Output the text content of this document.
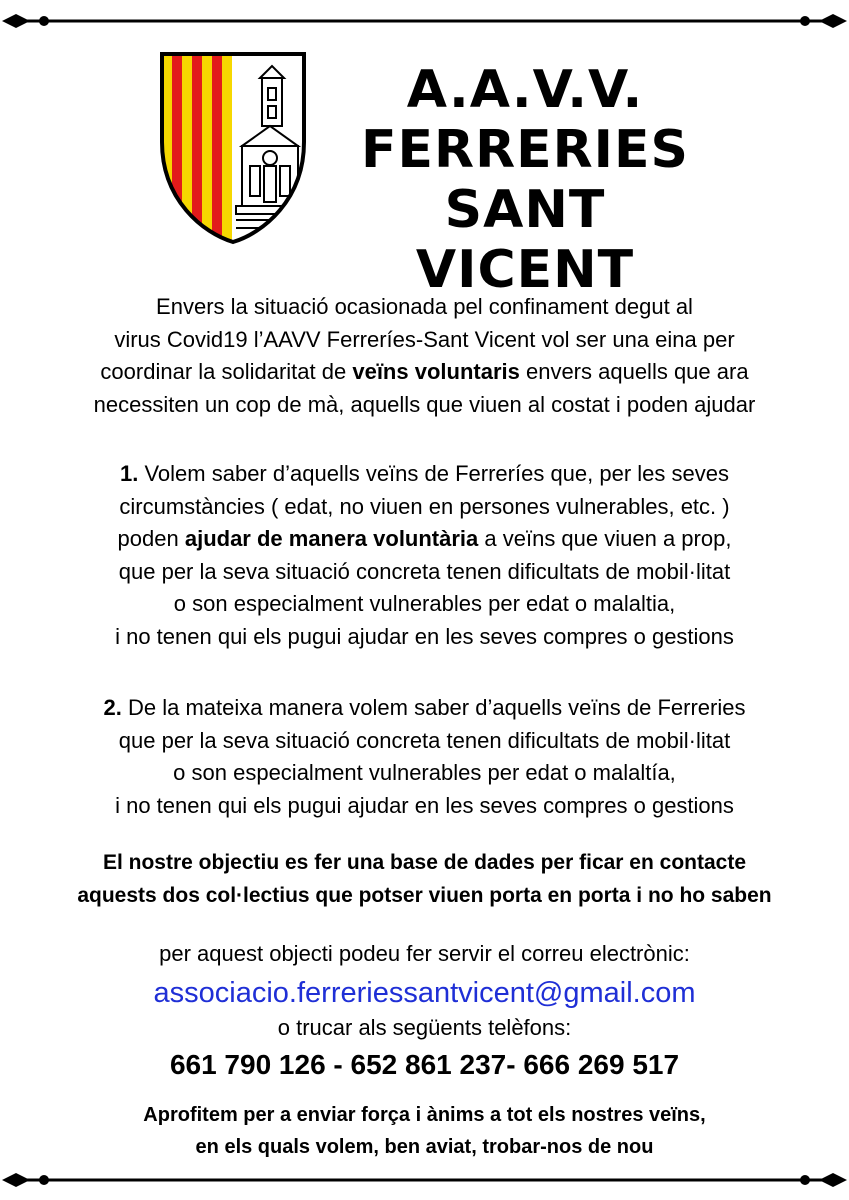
A.A.V.V.
FERRERIES
SANT VICENT
Envers la situació ocasionada pel confinament degut al
virus Covid19 l’AAVV Ferreríes-Sant Vicent vol ser una eina per
coordinar la solidaritat de veïns voluntaris envers aquells que ara
necessiten un cop de mà, aquells que viuen al costat i poden ajudar
1. Volem saber d’aquells veïns de Ferreríes que, per les seves
circumstàncies ( edat, no viuen en persones vulnerables, etc. )
poden ajudar de manera voluntària a veïns que viuen a prop,
que per la seva situació concreta tenen dificultats de mobil·litat
o son especialment vulnerables per edat o malaltia,
i no tenen qui els pugui ajudar en les seves compres o gestions
2. De la mateixa manera volem saber d’aquells veïns de Ferreries
que per la seva situació concreta tenen dificultats de mobil·litat
o son especialment vulnerables per edat o malaltía,
i no tenen qui els pugui ajudar en les seves compres o gestions
El nostre objectiu es fer una base de dades per ficar en contacte
aquests dos col·lectius que potser viuen porta en porta i no ho saben
per aquest objecti podeu fer servir el correu electrònic:
associacio.ferreriessantvicent@gmail.com
o trucar als següents telèfons:
661 790 126 - 652 861 237- 666 269 517
Aprofitem per a enviar força i ànims a tot els nostres veïns,
en els quals volem, ben aviat, trobar-nos de nou
